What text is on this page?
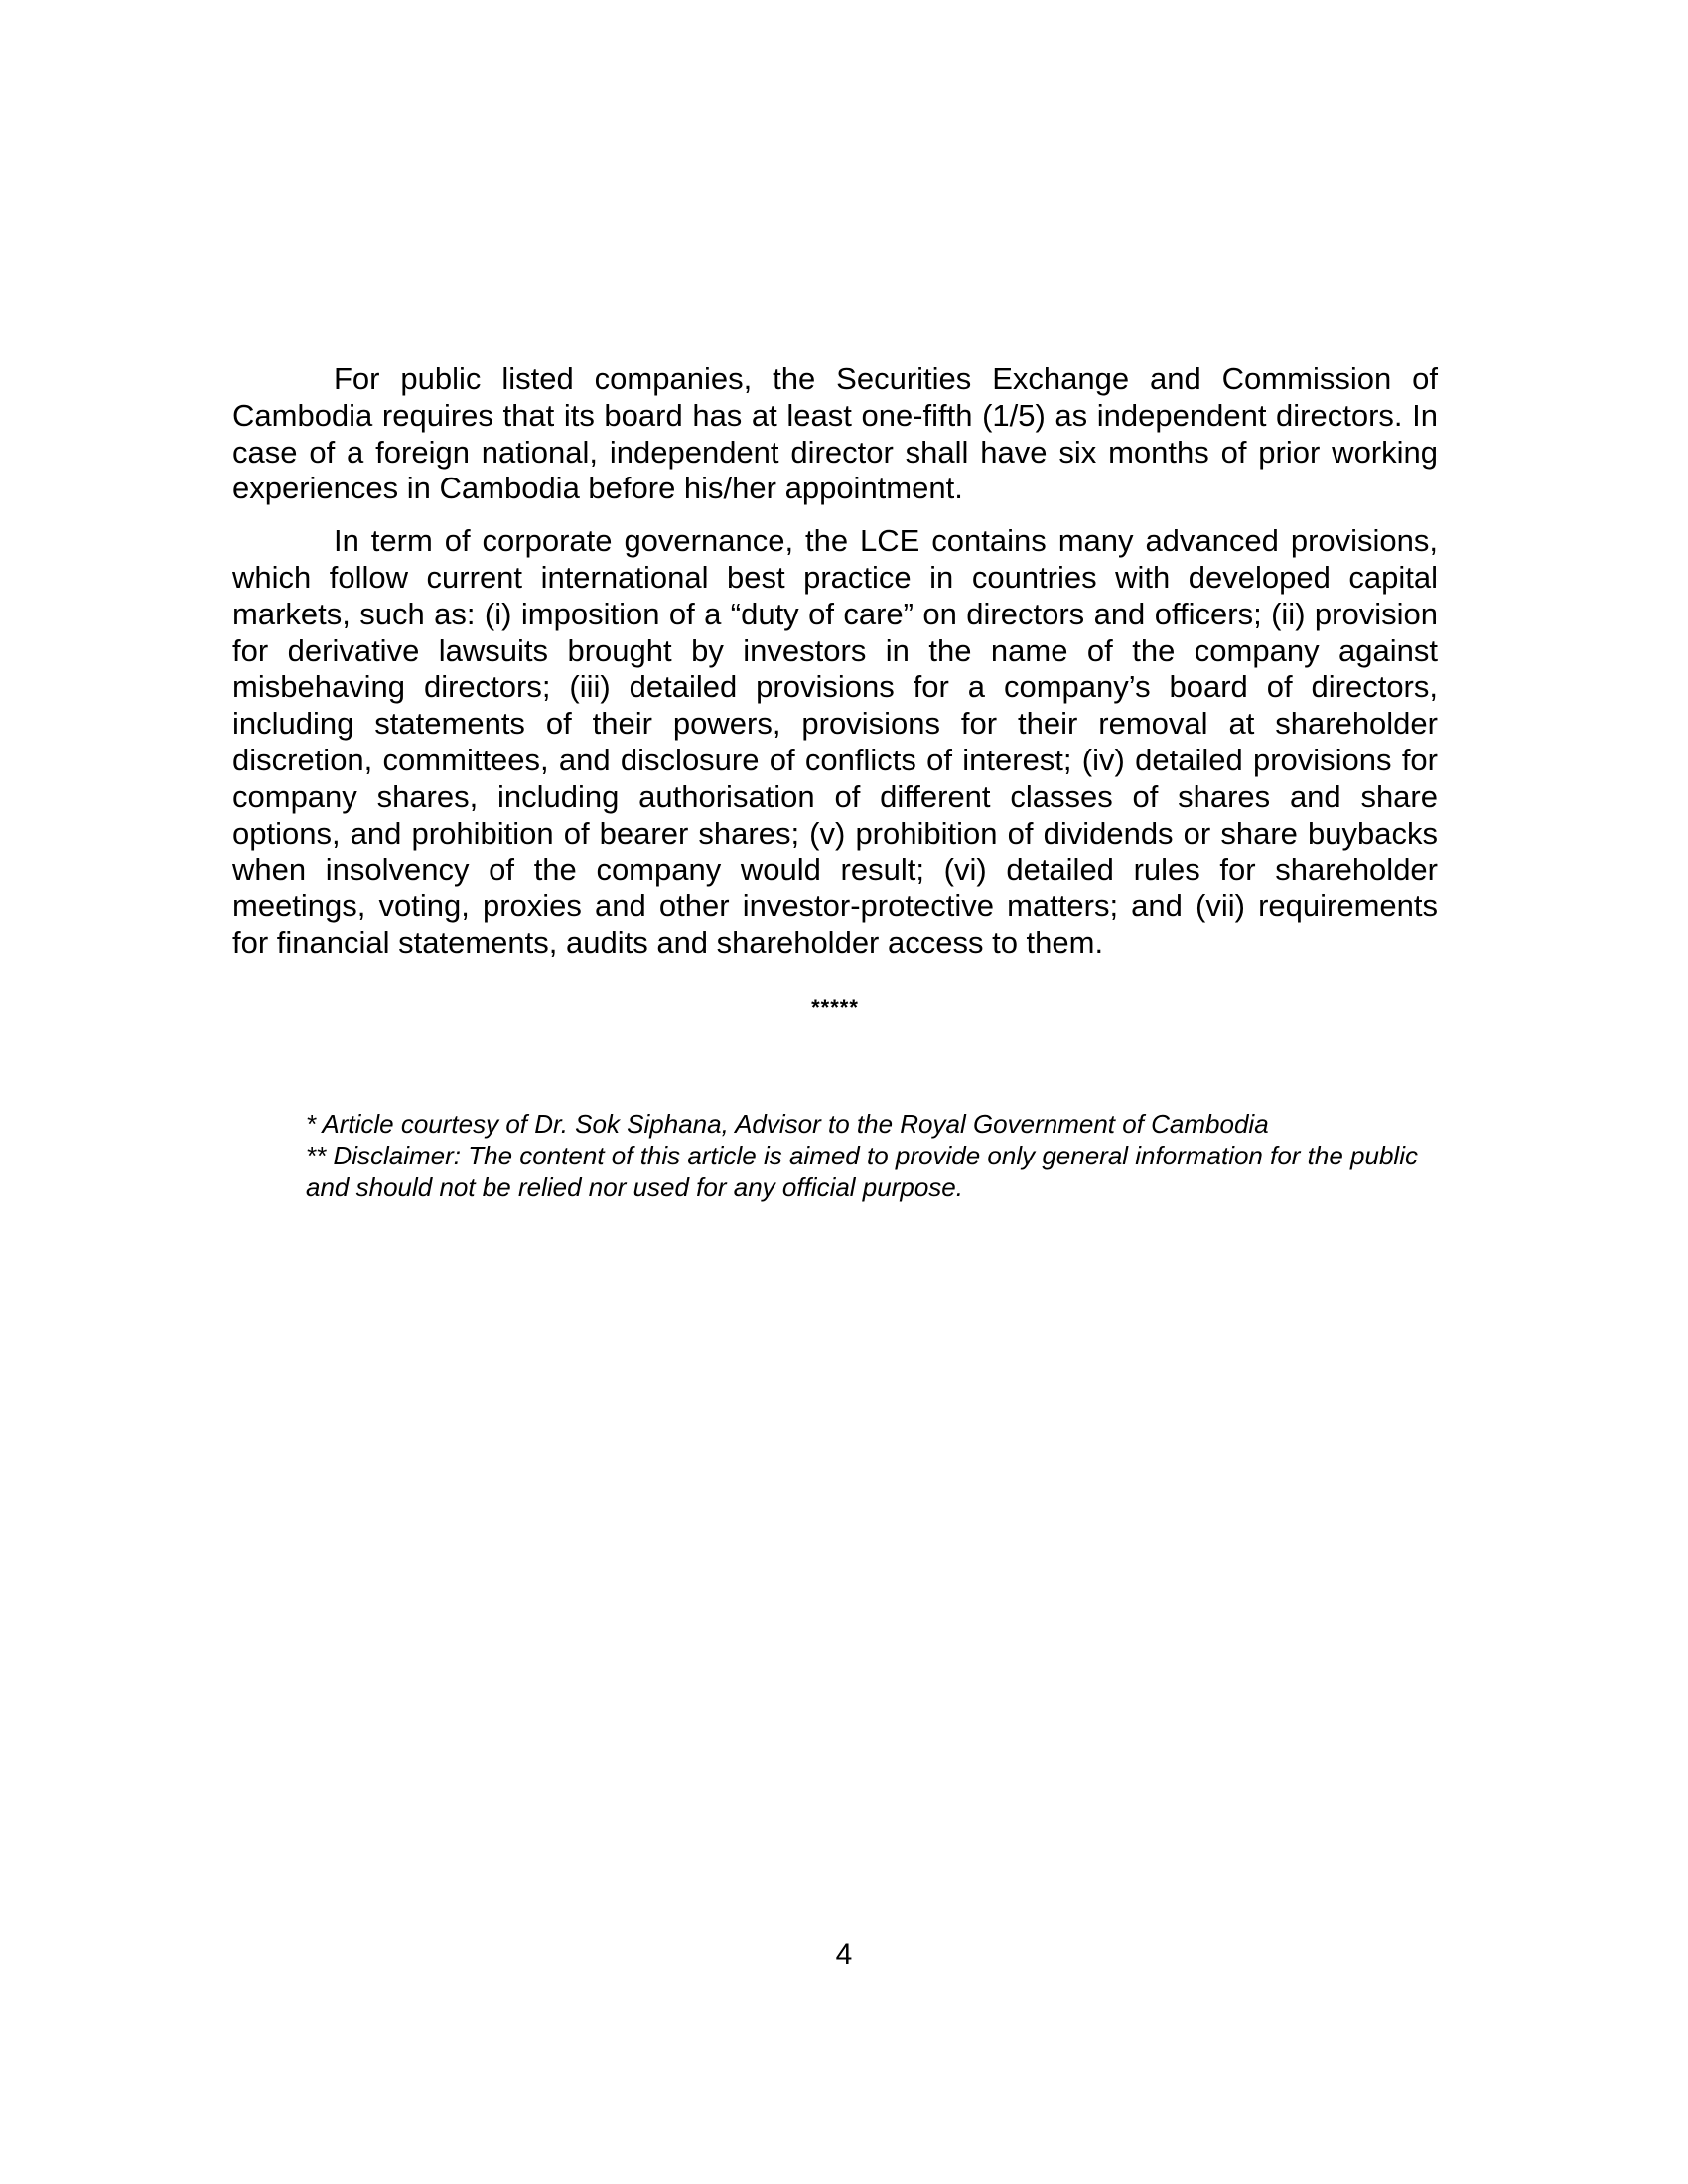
For public listed companies, the Securities Exchange and Commission of Cambodia requires that its board has at least one-fifth (1/5) as independent directors. In case of a foreign national, independent director shall have six months of prior working experiences in Cambodia before his/her appointment.

In term of corporate governance, the LCE contains many advanced provisions, which follow current international best practice in countries with developed capital markets, such as: (i) imposition of a “duty of care” on directors and officers; (ii) provision for derivative lawsuits brought by investors in the name of the company against misbehaving directors; (iii) detailed provisions for a company’s board of directors, including statements of their powers, provisions for their removal at shareholder discretion, committees, and disclosure of conflicts of interest; (iv) detailed provisions for company shares, including authorisation of different classes of shares and share options, and prohibition of bearer shares; (v) prohibition of dividends or share buybacks when insolvency of the company would result; (vi) detailed rules for shareholder meetings, voting, proxies and other investor-protective matters; and (vii) requirements for financial statements, audits and shareholder access to them.

*****

* Article courtesy of Dr. Sok Siphana, Advisor to the Royal Government of Cambodia

** Disclaimer: The content of this article is aimed to provide only general information for the public and should not be relied nor used for any official purpose.

4
